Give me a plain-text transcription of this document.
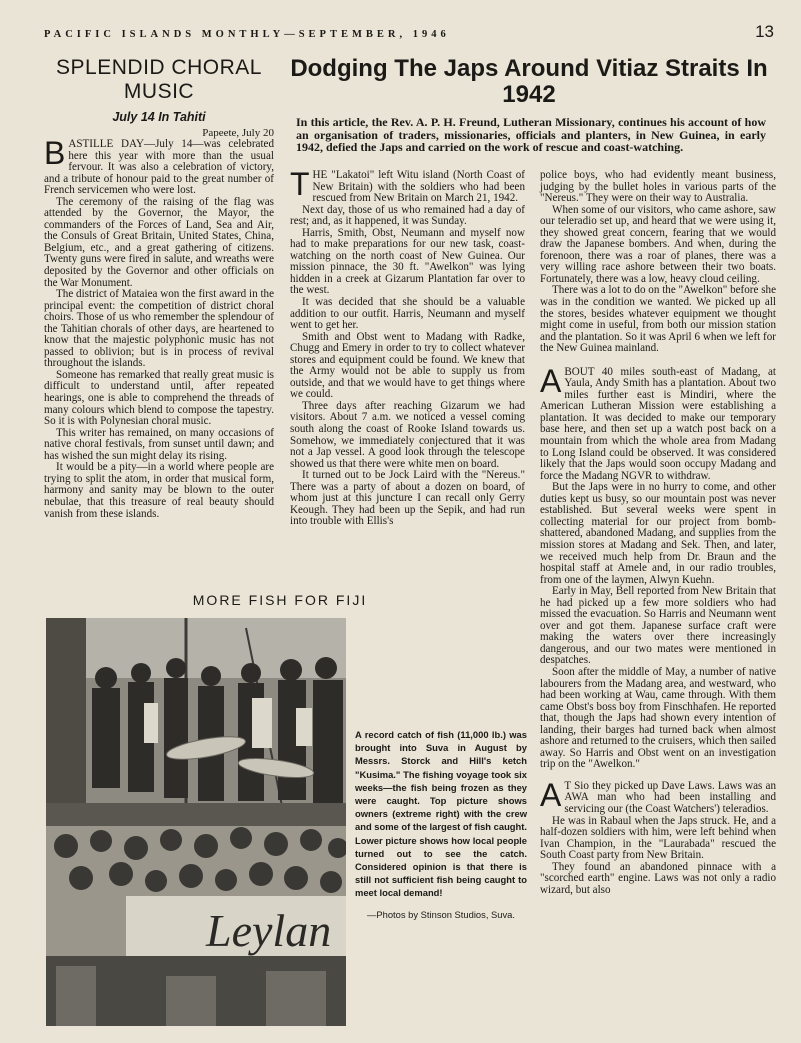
PACIFIC ISLANDS MONTHLY—SEPTEMBER, 1946	13
SPLENDID CHORAL
MUSIC
July 14 In Tahiti

Papeete, July 20

BASTILLE DAY—July 14—was celebrated here this year with more than the usual fervour. It was also a celebration of victory, and a tribute of honour paid to the great number of French servicemen who were lost.

The ceremony of the raising of the flag was attended by the Governor, the Mayor, the commanders of the Forces of Land, Sea and Air, the Consuls of Great Britain, United States, China, Belgium, etc., and a great gathering of citizens. Twenty guns were fired in salute, and wreaths were deposited by the Governor and other officials on the War Monument.

The district of Mataiea won the first award in the principal event: the competition of district choral choirs. Those of us who remember the splendour of the Tahitian chorals of other days, are heartened to know that the majestic polyphonic music has not passed to oblivion; but is in process of revival throughout the islands.

Someone has remarked that really great music is difficult to understand until, after repeated hearings, one is able to comprehend the threads of many colours which blend to compose the tapestry. So it is with Polynesian choral music.

This writer has remained, on many occasions of native choral festivals, from sunset until dawn; and has wished the sun might delay its rising.

It would be a pity—in a world where people are trying to split the atom, in order that musical form, harmony and sanity may be blown to the outer nebulae, that this treasure of real beauty should vanish from these islands.

Dodging The Japs Around Vitiaz Straits In 1942

In this article, the Rev. A. P. H. Freund, Lutheran Missionary, continues his account of how an organisation of traders, missionaries, officials and planters, in New Guinea, in early 1942, defied the Japs and carried on the work of rescue and coast-watching.

THE "Lakatoi" left Witu island (North Coast of New Britain) with the soldiers who had been rescued from New Britain on March 21, 1942.

Next day, those of us who remained had a day of rest; and, as it happened, it was Sunday.

Harris, Smith, Obst, Neumann and myself now had to make preparations for our new task, coast-watching on the north coast of New Guinea. Our mission pinnace, the 30 ft. "Awelkon" was lying hidden in a creek at Gizarum Plantation far over to the west.

It was decided that she should be a valuable addition to our outfit. Harris, Neumann and myself went to get her.

Smith and Obst went to Madang with Radke, Chugg and Emery in order to try to collect whatever stores and equipment could be found. We knew that the Army would not be able to supply us from outside, and that we would have to get things where we could.

Three days after reaching Gizarum we had visitors. About 7 a.m. we noticed a vessel coming south along the coast of Rooke Island towards us. Somehow, we immediately conjectured that it was not a Jap vessel. A good look through the telescope showed us that there were white men on board.

It turned out to be Jock Laird with the "Nereus." There was a party of about a dozen on board, of whom just at this juncture I can recall only Gerry Keough. They had been up the Sepik, and had run into trouble with Ellis's

police boys, who had evidently meant business, judging by the bullet holes in various parts of the "Nereus." They were on their way to Australia.

When some of our visitors, who came ashore, saw our teleradio set up, and heard that we were using it, they showed great concern, fearing that we would draw the Japanese bombers. And when, during the forenoon, there was a roar of planes, there was a very willing race ashore between their two boats. Fortunately, there was a low, heavy cloud ceiling.

There was a lot to do on the "Awelkon" before she was in the condition we wanted. We picked up all the stores, besides whatever equipment we thought might come in useful, from both our mission station and the plantation. So it was April 6 when we left for the New Guinea mainland.

ABOUT 40 miles south-east of Madang, at Yaula, Andy Smith has a plantation. About two miles further east is Mindiri, where the American Lutheran Mission were establishing a plantation. It was decided to make our temporary base here, and then set up a watch post back on a mountain from which the whole area from Madang to Long Island could be observed. It was considered likely that the Japs would soon occupy Madang and force the Madang NGVR to withdraw.

But the Japs were in no hurry to come, and other duties kept us busy, so our mountain post was never established. But several weeks were spent in collecting material for our project from bomb-shattered, abandoned Madang, and supplies from the mission stores at Madang and Sek. Then, and later, we received much help from Dr. Braun and the hospital staff at Amele and, in our radio troubles, from one of the laymen, Alwyn Kuehn.

Early in May, Bell reported from New Britain that he had picked up a few more soldiers who had missed the evacuation. So Harris and Neumann went over and got them. Japanese surface craft were making the waters over there increasingly dangerous, and our two mates were mentioned in despatches.

Soon after the middle of May, a number of native labourers from the Madang area, and westward, who had been working at Wau, came through. With them came Obst's boss boy from Finschhafen. He reported that, though the Japs had shown every intention of landing, their barges had turned back when almost ashore and returned to the cruisers, which then sailed away. So Harris and Obst went on an investigation trip on the "Awelkon."

A T Sio they picked up Dave Laws. Laws was an AWA man who had been installing and servicing our (the Coast Watchers') teleradios.

He was in Rabaul when the Japs struck. He, and a half-dozen soldiers with him, were left behind when Ivan Champion, in the "Laurabada" rescued the South Coast party from New Britain.

They found an abandoned pinnace with a "scorched earth" engine. Laws was not only a radio wizard, but also

MORE FISH FOR FIJI
Leylan

A record catch of fish (11,000 lb.) was brought into Suva in August by Messrs. Storck and Hill's ketch "Kusima." The fishing voyage took six weeks—the fish being frozen as they were caught. Top picture shows owners (extreme right) with the crew and some of the largest of fish caught. Lower picture shows how local people turned out to see the catch. Considered opinion is that there is still not sufficient fish being caught to meet local demand!

—Photos by Stinson Studios, Suva.
